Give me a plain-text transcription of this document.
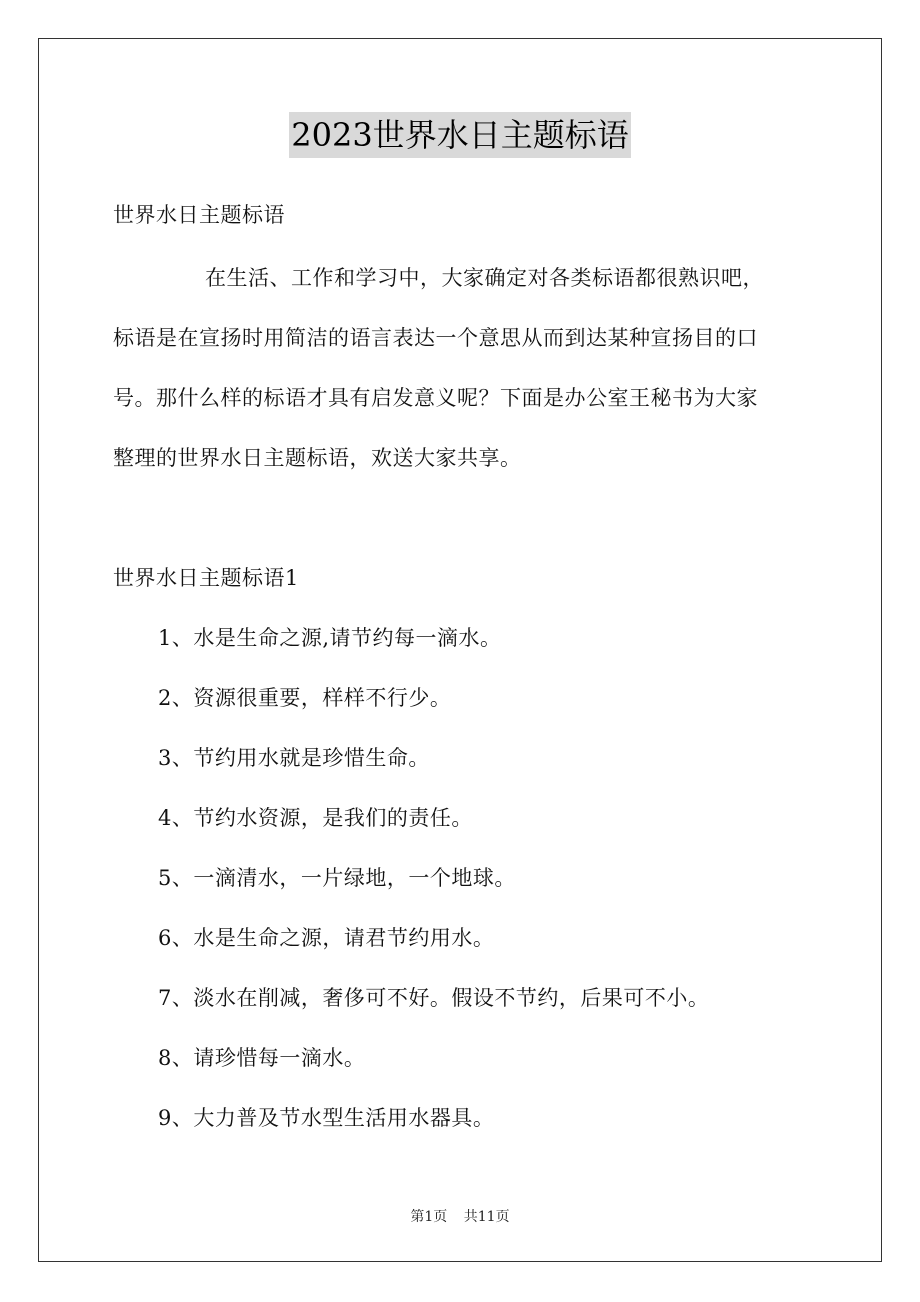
2023世界水日主题标语
世界水日主题标语
在生活、工作和学习中，大家确定对各类标语都很熟识吧，
标语是在宣扬时用简洁的语言表达一个意思从而到达某种宣扬目的口
号。那什么样的标语才具有启发意义呢？下面是办公室王秘书为大家
整理的世界水日主题标语，欢送大家共享。
世界水日主题标语1
1、水是生命之源,请节约每一滴水。
2、资源很重要，样样不行少。
3、节约用水就是珍惜生命。
4、节约水资源，是我们的责任。
5、一滴清水，一片绿地，一个地球。
6、水是生命之源，请君节约用水。
7、淡水在削减，奢侈可不好。假设不节约，后果可不小。
8、请珍惜每一滴水。
9、大力普及节水型生活用水器具。
第1页 共11页
